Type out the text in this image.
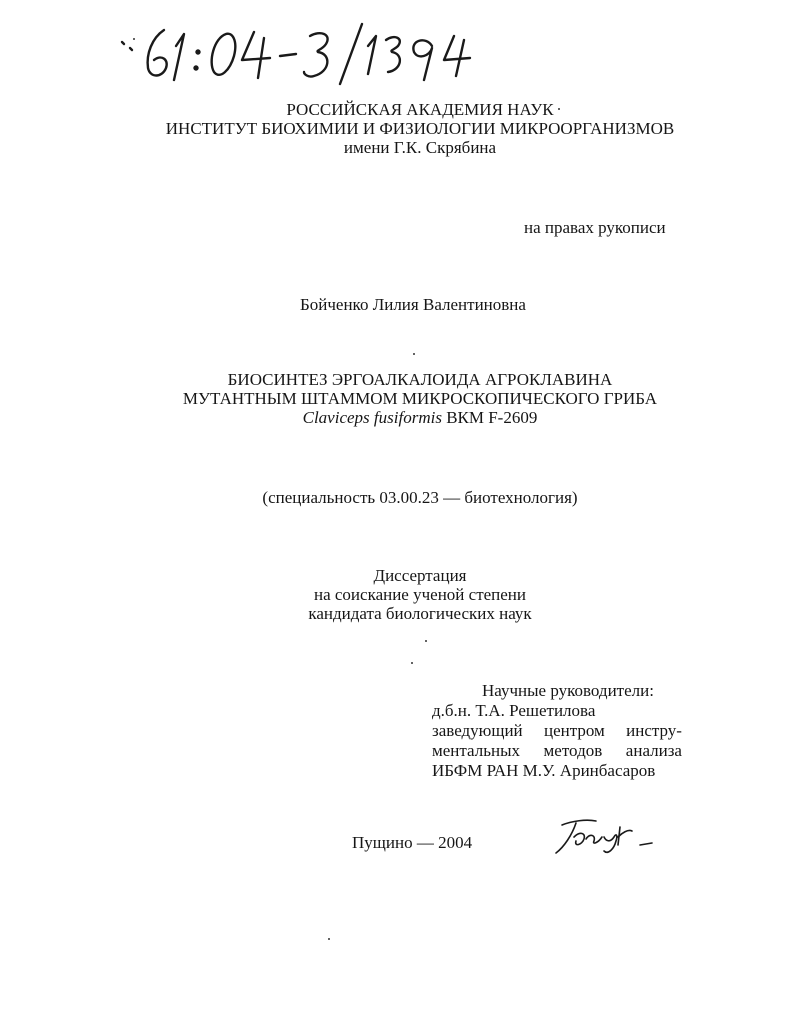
РОССИЙСКАЯ АКАДЕМИЯ НАУК
ИНСТИТУТ БИОХИМИИ И ФИЗИОЛОГИИ МИКРООРГАНИЗМОВ
имени Г.К. Скрябина
на правах рукописи
Бойченко Лилия Валентиновна
БИОСИНТЕЗ ЭРГОАЛКАЛОИДА АГРОКЛАВИНА
МУТАНТНЫМ ШТАММОМ МИКРОСКОПИЧЕСКОГО ГРИБА
Claviceps fusiformis ВКМ F-2609
(специальность 03.00.23 — биотехнология)
Диссертация
на соискание ученой степени
кандидата биологических наук
Научные руководители:
д.б.н. Т.А. Решетилова
заведующий центром инстру-
ментальных методов анализа
ИБФМ РАН М.У. Аринбасаров
Пущино — 2004
